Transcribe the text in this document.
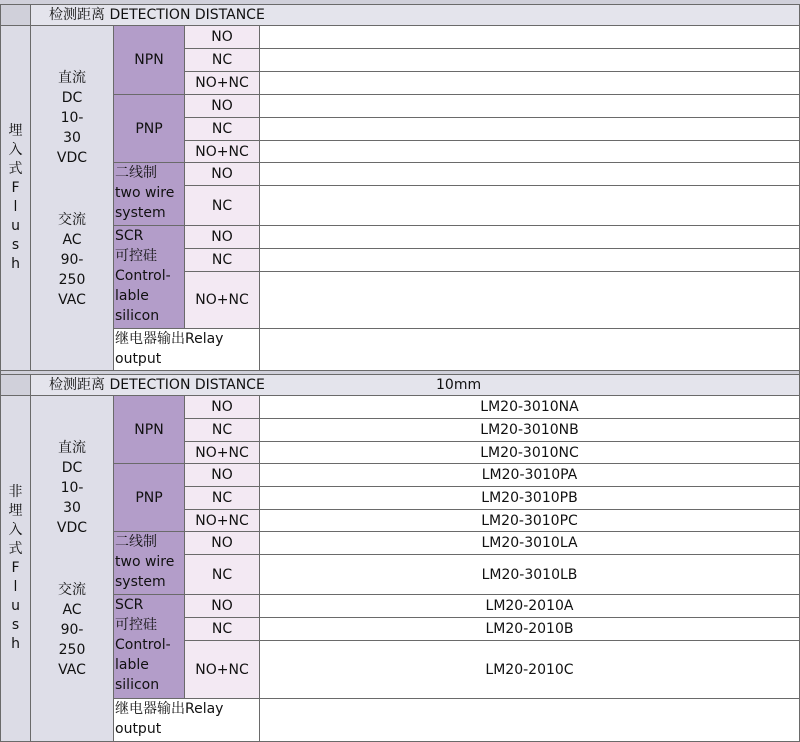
检测距离 DETECTION DISTANCE
埋
入
式
F
l
u
s
h
直流
DC
10-
30
VDC
交流
AC
90-
250
VAC
NPN
NO
NC
NO+NC
PNP
NO
NC
NO+NC
二线制
two wire
system
NO
NC
SCR
可控硅
Control-
lable
silicon
NO
NC
NO+NC
继电器输出Relay
output
检测距离 DETECTION DISTANCE	10mm
非
埋
入
式
F
l
u
s
h
直流
DC
10-
30
VDC
交流
AC
90-
250
VAC
NPN
NO	LM20-3010NA
NC	LM20-3010NB
NO+NC	LM20-3010NC
PNP
NO	LM20-3010PA
NC	LM20-3010PB
NO+NC	LM20-3010PC
二线制
two wire
system
NO	LM20-3010LA
NC	LM20-3010LB
SCR
可控硅
Control-
lable
silicon
NO	LM20-2010A
NC	LM20-2010B
NO+NC	LM20-2010C
继电器输出Relay
output
